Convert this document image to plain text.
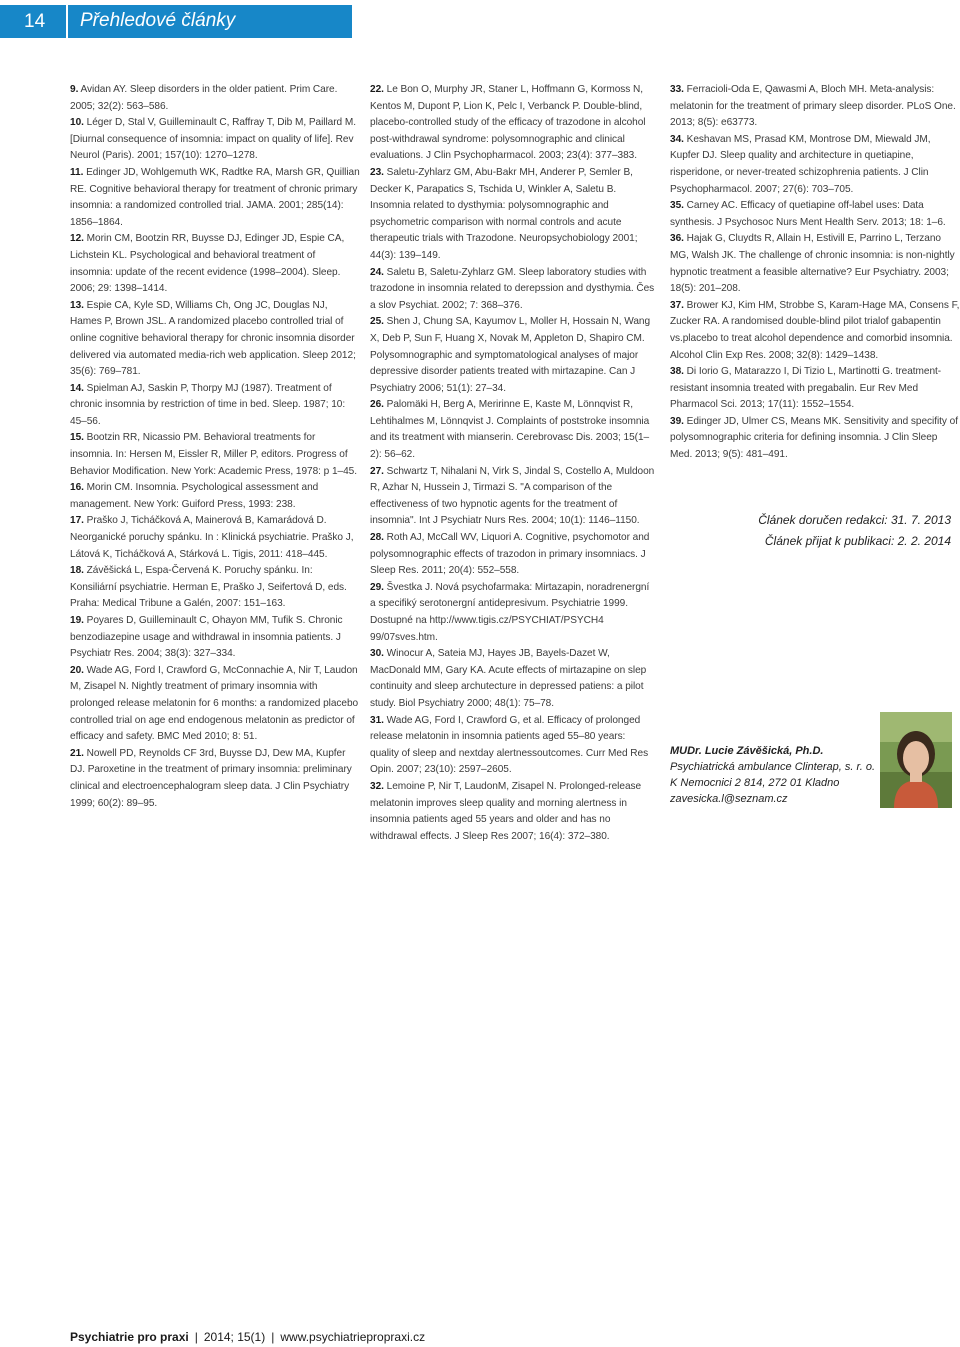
14 Přehledové články

9. Avidan AY. Sleep disorders in the older patient. Prim Care. 2005; 32(2): 563–586.

10. Léger D, Stal V, Guilleminault C, Raffray T, Dib M, Paillard M. [Diurnal consequence of insomnia: impact on quality of life]. Rev Neurol (Paris). 2001; 157(10): 1270–1278.

11. Edinger JD, Wohlgemuth WK, Radtke RA, Marsh GR, Quillian RE. Cognitive behavioral therapy for treatment of chronic primary insomnia: a randomized controlled trial. JAMA. 2001; 285(14): 1856–1864.

12. Morin CM, Bootzin RR, Buysse DJ, Edinger JD, Espie CA, Lichstein KL. Psychological and behavioral treatment of insomnia: update of the recent evidence (1998–2004). Sleep. 2006; 29: 1398–1414.

13. Espie CA, Kyle SD, Williams Ch, Ong JC, Douglas NJ, Hames P, Brown JSL. A randomized placebo controlled trial of online cognitive behavioral therapy for chronic insomnia disorder delivered via automated media-rich web application. Sleep 2012; 35(6): 769–781.

14. Spielman AJ, Saskin P, Thorpy MJ (1987). Treatment of chronic insomnia by restriction of time in bed. Sleep. 1987; 10: 45–56.

15. Bootzin RR, Nicassio PM. Behavioral treatments for insomnia. In: Hersen M, Eissler R, Miller P, editors. Progress of Behavior Modification. New York: Academic Press, 1978: p 1–45.

16. Morin CM. Insomnia. Psychological assessment and management. New York: Guiford Press, 1993: 238.

17. Praško J, Ticháčková A, Mainerová B, Kamarádová D. Neorganické poruchy spánku. In : Klinická psychiatrie. Praško J, Látová K, Ticháčková A, Stárková L. Tigis, 2011: 418–445.

18. Závěšická L, Espa-Červená K. Poruchy spánku. In: Konsiliární psychiatrie. Herman E, Praško J, Seifertová D, eds. Praha: Medical Tribune a Galén, 2007: 151–163.

19. Poyares D, Guilleminault C, Ohayon MM, Tufik S. Chronic benzodiazepine usage and withdrawal in insomnia patients. J Psychiatr Res. 2004; 38(3): 327–334.

20. Wade AG, Ford I, Crawford G, McConnachie A, Nir T, Laudon M, Zisapel N. Nightly treatment of primary insomnia with prolonged release melatonin for 6 months: a randomized placebo controlled trial on age end endogenous melatonin as predictor of efficacy and safety. BMC Med 2010; 8: 51.

21. Nowell PD, Reynolds CF 3rd, Buysse DJ, Dew MA, Kupfer DJ. Paroxetine in the treatment of primary insomnia: preliminary clinical and electroencephalogram sleep data. J Clin Psychiatry 1999; 60(2): 89–95.

22. Le Bon O, Murphy JR, Staner L, Hoffmann G, Kormoss N, Kentos M, Dupont P, Lion K, Pelc I, Verbanck P. Double-blind, placebo-controlled study of the efficacy of trazodone in alcohol post-withdrawal syndrome: polysomnographic and clinical evaluations. J Clin Psychopharmacol. 2003; 23(4): 377–383.

23. Saletu-Zyhlarz GM, Abu-Bakr MH, Anderer P, Semler B, Decker K, Parapatics S, Tschida U, Winkler A, Saletu B. Insomnia related to dysthymia: polysomnographic and psychometric comparison with normal controls and acute therapeutic trials with Trazodone. Neuropsychobiology 2001; 44(3): 139–149.

24. Saletu B, Saletu-Zyhlarz GM. Sleep laboratory studies with trazodone in insomnia related to derepssion and dysthymia. Čes a slov Psychiat. 2002; 7: 368–376.

25. Shen J, Chung SA, Kayumov L, Moller H, Hossain N, Wang X, Deb P, Sun F, Huang X, Novak M, Appleton D, Shapiro CM. Polysomnographic and symptomatological analyses of major depressive disorder patients treated with mirtazapine. Can J Psychiatry 2006; 51(1): 27–34.

26. Palomäki H, Berg A, Meririnne E, Kaste M, Lönnqvist R, Lehtihalmes M, Lönnqvist J. Complaints of poststroke insomnia and its treatment with mianserin. Cerebrovasc Dis. 2003; 15(1–2): 56–62.

27. Schwartz T, Nihalani N, Virk S, Jindal S, Costello A, Muldoon R, Azhar N, Hussein J, Tirmazi S. "A comparison of the effectiveness of two hypnotic agents for the treatment of insomnia". Int J Psychiatr Nurs Res. 2004; 10(1): 1146–1150.

28. Roth AJ, McCall WV, Liquori A. Cognitive, psychomotor and polysomnographic effects of trazodon in primary insomniacs. J Sleep Res. 2011; 20(4): 552–558.

29. Švestka J. Nová psychofarmaka: Mirtazapin, noradrenergní a specifiký serotonergní antidepresivum. Psychiatrie 1999. Dostupné na http://www.tigis.cz/PSYCHIAT/PSYCH4 99/07sves.htm.

30. Winocur A, Sateia MJ, Hayes JB, Bayels-Dazet W, MacDonald MM, Gary KA. Acute effects of mirtazapine on slep continuity and sleep archutecture in depressed patiens: a pilot study. Biol Psychiatry 2000; 48(1): 75–78.

31. Wade AG, Ford I, Crawford G, et al. Efficacy of prolonged release melatonin in insomnia patients aged 55–80 years: quality of sleep and nextday alertnessoutcomes. Curr Med Res Opin. 2007; 23(10): 2597–2605.

32. Lemoine P, Nir T, LaudonM, Zisapel N. Prolonged-release melatonin improves sleep quality and morning alertness in insomnia patients aged 55 years and older and has no withdrawal effects. J Sleep Res 2007; 16(4): 372–380.

33. Ferracioli-Oda E, Qawasmi A, Bloch MH. Meta-analysis: melatonin for the treatment of primary sleep disorder. PLoS One. 2013; 8(5): e63773.

34. Keshavan MS, Prasad KM, Montrose DM, Miewald JM, Kupfer DJ. Sleep quality and architecture in quetiapine, risperidone, or never-treated schizophrenia patients. J Clin Psychopharmacol. 2007; 27(6): 703–705.

35. Carney AC. Efficacy of quetiapine off-label uses: Data synthesis. J Psychosoc Nurs Ment Health Serv. 2013; 18: 1–6.

36. Hajak G, Cluydts R, Allain H, Estivill E, Parrino L, Terzano MG, Walsh JK. The challenge of chronic insomnia: is non-nightly hypnotic treatment a feasible alternative? Eur Psychiatry. 2003; 18(5): 201–208.

37. Brower KJ, Kim HM, Strobbe S, Karam-Hage MA, Consens F, Zucker RA. A randomised double-blind pilot trialof gabapentin vs.placebo to treat alcohol dependence and comorbid insomnia. Alcohol Clin Exp Res. 2008; 32(8): 1429–1438.

38. Di Iorio G, Matarazzo I, Di Tizio L, Martinotti G. treatment-resistant insomnia treated with pregabalin. Eur Rev Med Pharmacol Sci. 2013; 17(11): 1552–1554.

39. Edinger JD, Ulmer CS, Means MK. Sensitivity and specifity of polysomnographic criteria for defining insomnia. J Clin Sleep Med. 2013; 9(5): 481–491.

Článek doručen redakci: 31. 7. 2013
Článek přijat k publikaci: 2. 2. 2014
MUDr. Lucie Závěšická, Ph.D.
Psychiatrická ambulance Clinterap, s. r. o.
K Nemocnici 2 814, 272 01 Kladno
zavesicka.l@seznam.cz
Psychiatrie pro praxi | 2014; 15(1) | www.psychiatriepropraxi.cz
